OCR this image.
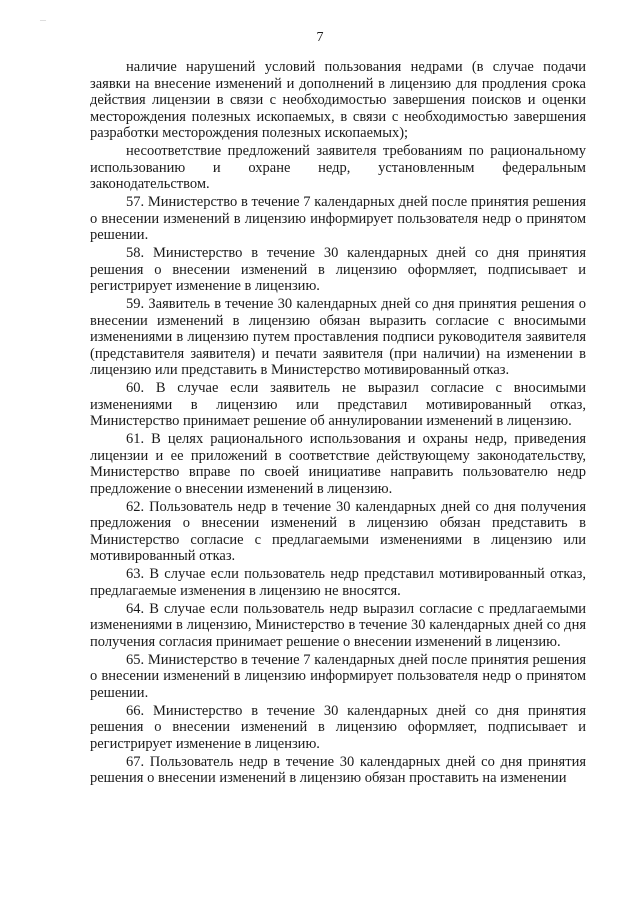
—
7

наличие нарушений условий пользования недрами (в случае подачи заявки на внесение изменений и дополнений в лицензию для продления срока действия лицензии в связи с необходимостью завершения поисков и оценки месторождения полезных ископаемых, в связи с необходимостью завершения разработки месторождения полезных ископаемых);

несоответствие предложений заявителя требованиям по рациональному использованию и охране недр, установленным федеральным законодательством.

57. Министерство в течение 7 календарных дней после принятия решения о внесении изменений в лицензию информирует пользователя недр о принятом решении.

58. Министерство в течение 30 календарных дней со дня принятия решения о внесении изменений в лицензию оформляет, подписывает и регистрирует изменение в лицензию.

59. Заявитель в течение 30 календарных дней со дня принятия решения о внесении изменений в лицензию обязан выразить согласие с вносимыми изменениями в лицензию путем проставления подписи руководителя заявителя (представителя заявителя) и печати заявителя (при наличии) на изменении в лицензию или представить в Министерство мотивированный отказ.

60. В случае если заявитель не выразил согласие с вносимыми изменениями в лицензию или представил мотивированный отказ, Министерство принимает решение об аннулировании изменений в лицензию.

61. В целях рационального использования и охраны недр, приведения лицензии и ее приложений в соответствие действующему законодательству, Министерство вправе по своей инициативе направить пользователю недр предложение о внесении изменений в лицензию.

62. Пользователь недр в течение 30 календарных дней со дня получения предложения о внесении изменений в лицензию обязан представить в Министерство согласие с предлагаемыми изменениями в лицензию или мотивированный отказ.

63. В случае если пользователь недр представил мотивированный отказ, предлагаемые изменения в лицензию не вносятся.

64. В случае если пользователь недр выразил согласие с предлагаемыми изменениями в лицензию, Министерство в течение 30 календарных дней со дня получения согласия принимает решение о внесении изменений в лицензию.

65. Министерство в течение 7 календарных дней после принятия решения о внесении изменений в лицензию информирует пользователя недр о принятом решении.

66. Министерство в течение 30 календарных дней со дня принятия решения о внесении изменений в лицензию оформляет, подписывает и регистрирует изменение в лицензию.

67. Пользователь недр в течение 30 календарных дней со дня принятия решения о внесении изменений в лицензию обязан проставить на изменении
